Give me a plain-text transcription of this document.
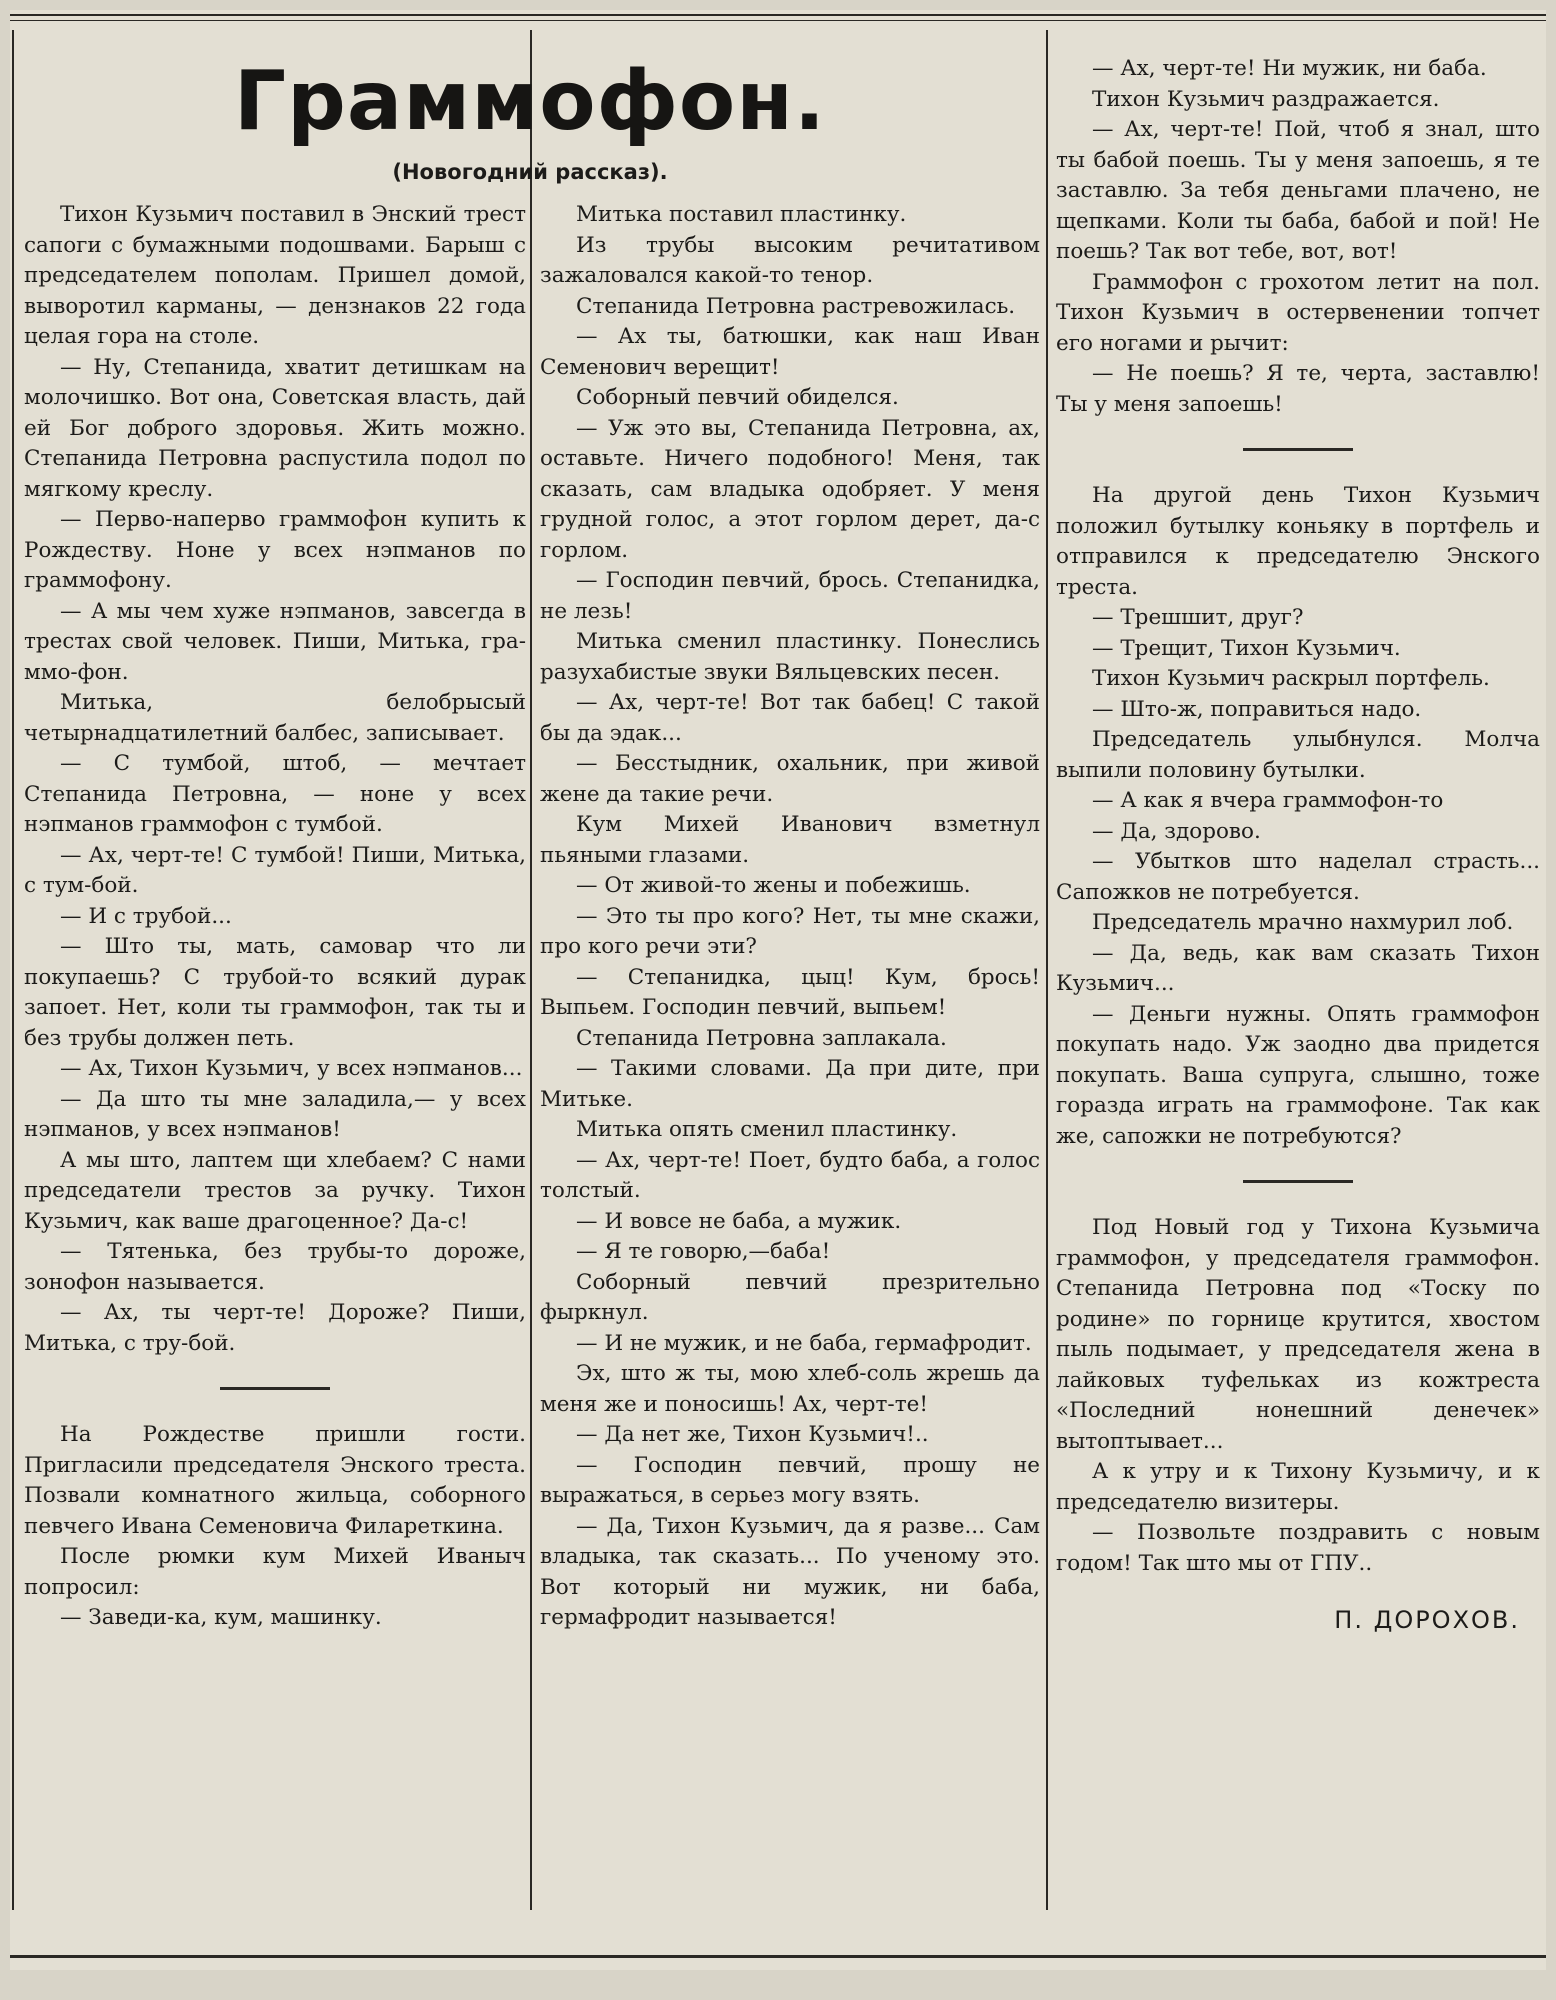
Граммофон.
(Новогодний рассказ).

Тихон Кузьмич поставил в Энский трест сапоги с бумажными подошвами. Барыш с председателем пополам. Пришел домой, выворотил карманы, — дензнаков 22 года целая гора на столе.

— Ну, Степанида, хватит детишкам на молочишко. Вот она, Советская власть, дай ей Бог доброго здоровья. Жить можно. Степанида Петровна распустила подол по мягкому креслу.

— Перво-наперво граммофон купить к Рождеству. Ноне у всех нэпманов по граммофону.

— А мы чем хуже нэпманов, завсегда в трестах свой человек. Пиши, Митька, гра-ммо-фон.

Митька, белобрысый четырнадцатилетний балбес, записывает.

— С тумбой, штоб, — мечтает Степанида Петровна, — ноне у всех нэпманов граммофон с тумбой.

— Ах, черт-те! С тумбой! Пиши, Митька, с тум-бой.

— И с трубой...

— Што ты, мать, самовар что ли покупаешь? С трубой-то всякий дурак запоет. Нет, коли ты граммофон, так ты и без трубы должен петь.

— Ах, Тихон Кузьмич, у всех нэпманов...

— Да што ты мне заладила,— у всех нэпманов, у всех нэпманов!

А мы што, лаптем щи хлебаем? С нами председатели трестов за ручку. Тихон Кузьмич, как ваше драгоценное? Да-с!

— Тятенька, без трубы-то дороже, зонофон называется.

— Ах, ты черт-те! Дороже? Пиши, Митька, с тру-бой.

На Рождестве пришли гости. Пригласили председателя Энского треста. Позвали комнатного жильца, соборного певчего Ивана Семеновича Филареткина.

После рюмки кум Михей Иваныч попросил:

— Заведи-ка, кум, машинку.

Митька поставил пластинку.

Из трубы высоким речитативом зажаловался какой-то тенор.

Степанида Петровна растревожилась.

— Ах ты, батюшки, как наш Иван Семенович верещит!

Соборный певчий обиделся.

— Уж это вы, Степанида Петровна, ах, оставьте. Ничего подобного! Меня, так сказать, сам владыка одобряет. У меня грудной голос, а этот горлом дерет, да-с горлом.

— Господин певчий, брось. Степанидка, не лезь!

Митька сменил пластинку. Понеслись разухабистые звуки Вяльцевских песен.

— Ах, черт-те! Вот так бабец! С такой бы да эдак...

— Бесстыдник, охальник, при живой жене да такие речи.

Кум Михей Иванович взметнул пьяными глазами.

— От живой-то жены и побежишь.

— Это ты про кого? Нет, ты мне скажи, про кого речи эти?

— Степанидка, цыц! Кум, брось! Выпьем. Господин певчий, выпьем!

Степанида Петровна заплакала.

— Такими словами. Да при дите, при Митьке.

Митька опять сменил пластинку.

— Ах, черт-те! Поет, будто баба, а голос толстый.

— И вовсе не баба, а мужик.

— Я те говорю,—баба!

Соборный певчий презрительно фыркнул.

— И не мужик, и не баба, гермафродит.

Эх, што ж ты, мою хлеб-соль жрешь да меня же и поносишь! Ах, черт-те!

— Да нет же, Тихон Кузьмич!..

— Господин певчий, прошу не выражаться, в серьез могу взять.

— Да, Тихон Кузьмич, да я разве... Сам владыка, так сказать... По ученому это. Вот который ни мужик, ни баба, гермафродит называется!

— Ах, черт-те! Ни мужик, ни баба.

Тихон Кузьмич раздражается.

— Ах, черт-те! Пой, чтоб я знал, што ты бабой поешь. Ты у меня запоешь, я те заставлю. За тебя деньгами плачено, не щепками. Коли ты баба, бабой и пой! Не поешь? Так вот тебе, вот, вот!

Граммофон с грохотом летит на пол. Тихон Кузьмич в остервенении топчет его ногами и рычит:

— Не поешь? Я те, черта, заставлю! Ты у меня запоешь!

На другой день Тихон Кузьмич положил бутылку коньяку в портфель и отправился к председателю Энского треста.

— Трешшит, друг?

— Трещит, Тихон Кузьмич.

Тихон Кузьмич раскрыл портфель.

— Што-ж, поправиться надо.

Председатель улыбнулся. Молча выпили половину бутылки.

— А как я вчера граммофон-то

— Да, здорово.

— Убытков што наделал страсть... Сапожков не потребуется.

Председатель мрачно нахмурил лоб.

— Да, ведь, как вам сказать Тихон Кузьмич...

— Деньги нужны. Опять граммофон покупать надо. Уж заодно два придется покупать. Ваша супруга, слышно, тоже горазда играть на граммофоне. Так как же, сапожки не потребуются?

Под Новый год у Тихона Кузьмича граммофон, у председателя граммофон. Степанида Петровна под «Тоску по родине» по горнице крутится, хвостом пыль подымает, у председателя жена в лайковых туфельках из кожтреста «Последний нонешний денечек» вытоптывает...

А к утру и к Тихону Кузьмичу, и к председателю визитеры.

— Позвольте поздравить с новым годом! Так што мы от ГПУ..

П. ДОРОХОВ.
